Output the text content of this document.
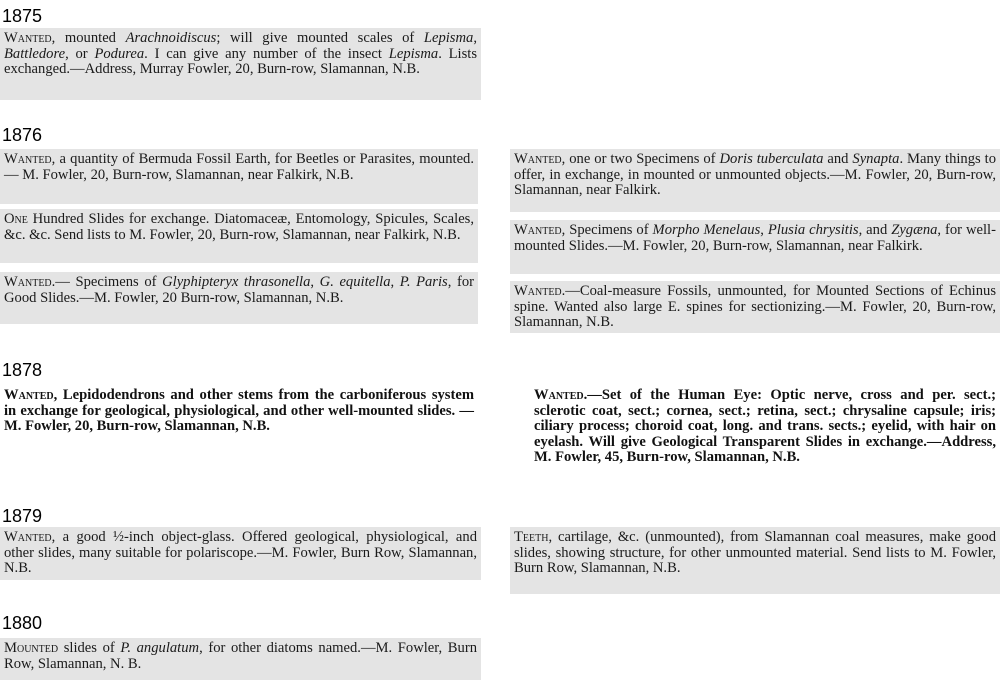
1875
Wanted, mounted Arachnoidiscus; will give mounted scales of Lepisma, Battledore, or Podurea. I can give any number of the insect Lepisma. Lists exchanged.—Address, Murray Fowler, 20, Burn-row, Slamannan, N.B.
1876
Wanted, a quantity of Bermuda Fossil Earth, for Beetles or Parasites, mounted. — M. Fowler, 20, Burn-row, Slamannan, near Falkirk, N.B.
One Hundred Slides for exchange. Diatomaceæ, Entomology, Spicules, Scales, &c. &c. Send lists to M. Fowler, 20, Burn-row, Slamannan, near Falkirk, N.B.
Wanted.— Specimens of Glyphipteryx thrasonella, G. equitella, P. Paris, for Good Slides.—M. Fowler, 20 Burn-row, Slamannan, N.B.
Wanted, one or two Specimens of Doris tuberculata and Synapta. Many things to offer, in exchange, in mounted or unmounted objects.—M. Fowler, 20, Burn-row, Slamannan, near Falkirk.
Wanted, Specimens of Morpho Menelaus, Plusia chrysitis, and Zygæna, for well-mounted Slides.—M. Fowler, 20, Burn-row, Slamannan, near Falkirk.
Wanted.—Coal-measure Fossils, unmounted, for Mounted Sections of Echinus spine. Wanted also large E. spines for sectionizing.—M. Fowler, 20, Burn-row, Slamannan, N.B.
1878
Wanted, Lepidodendrons and other stems from the carboniferous system in exchange for geological, physiological, and other well-mounted slides. — M. Fowler, 20, Burn-row, Slamannan, N.B.
Wanted.—Set of the Human Eye: Optic nerve, cross and per. sect.; sclerotic coat, sect.; cornea, sect.; retina, sect.; chrysaline capsule; iris; ciliary process; choroid coat, long. and trans. sects.; eyelid, with hair on eyelash. Will give Geological Transparent Slides in exchange.—Address, M. Fowler, 45, Burn-row, Slamannan, N.B.
1879
Wanted, a good ½-inch object-glass. Offered geological, physiological, and other slides, many suitable for polariscope.—M. Fowler, Burn Row, Slamannan, N.B.
Teeth, cartilage, &c. (unmounted), from Slamannan coal measures, make good slides, showing structure, for other unmounted material. Send lists to M. Fowler, Burn Row, Slamannan, N.B.
1880
Mounted slides of P. angulatum, for other diatoms named.—M. Fowler, Burn Row, Slamannan, N. B.
